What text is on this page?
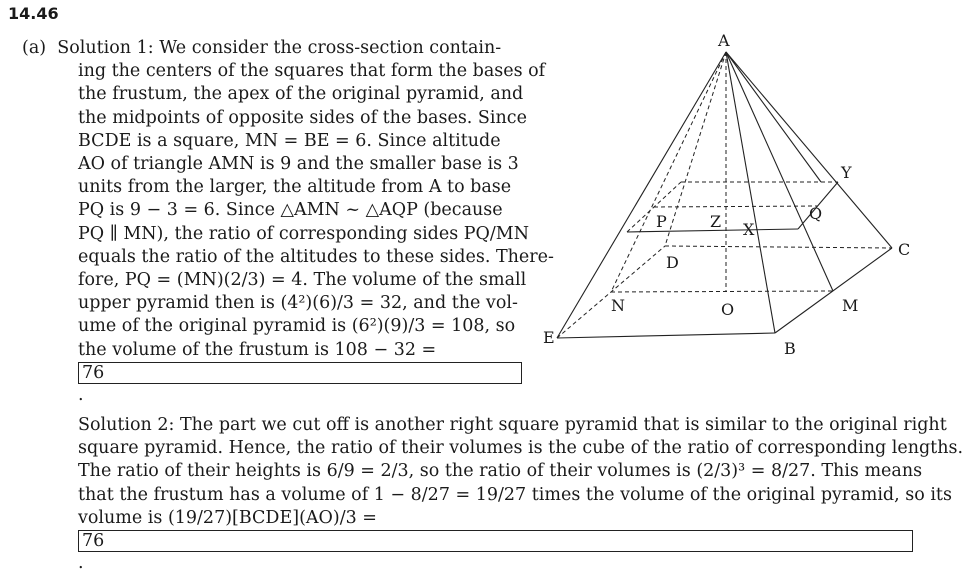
14.46
(a) Solution 1: We consider the cross-section contain-
ing the centers of the squares that form the bases of
the frustum, the apex of the original pyramid, and
the midpoints of opposite sides of the bases. Since
BCDE is a square, MN = BE = 6. Since altitude
AO of triangle AMN is 9 and the smaller base is 3
units from the larger, the altitude from A to base
PQ is 9 − 3 = 6. Since △AMN ~ △AQP (because
PQ ∥ MN), the ratio of corresponding sides PQ/MN
equals the ratio of the altitudes to these sides. There-
fore, PQ = (MN)(2/3) = 4. The volume of the small
upper pyramid then is (4²)(6)/3 = 32, and the vol-
ume of the original pyramid is (6²)(9)/3 = 108, so
the volume of the frustum is 108 − 32 =
76
.
Solution 2: The part we cut off is another right square pyramid that is similar to the original right
square pyramid. Hence, the ratio of their volumes is the cube of the ratio of corresponding lengths.
The ratio of their heights is 6/9 = 2/3, so the ratio of their volumes is (2/3)³ = 8/27. This means
that the frustum has a volume of 1 − 8/27 = 19/27 times the volume of the original pyramid, so its
volume is (19/27)[BCDE](AO)/3 =
76
.
A
Y
Q
P	Z X
D
C
N	O	M
E
B
